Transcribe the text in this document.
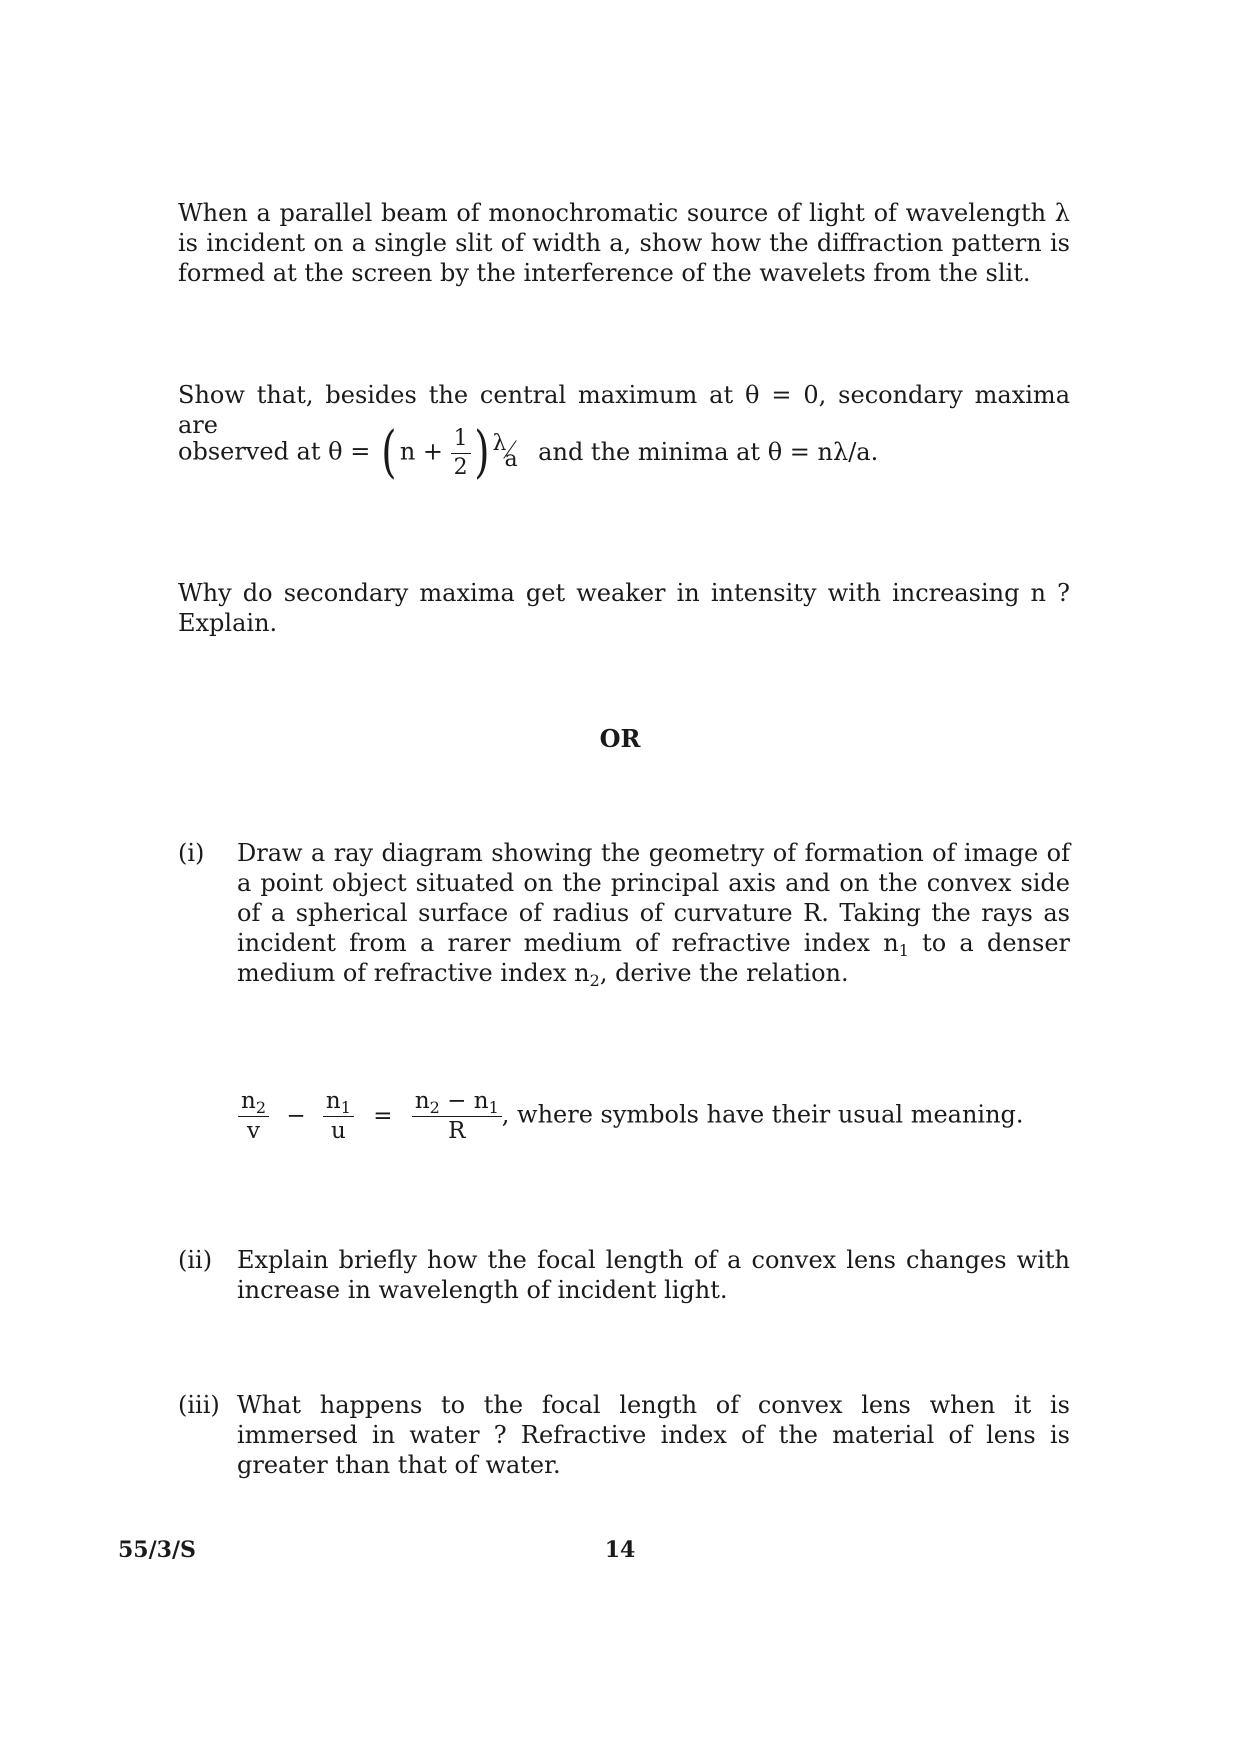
When a parallel beam of monochromatic source of light of wavelength λ is incident on a single slit of width a, show how the diffraction pattern is formed at the screen by the interference of the wavelets from the slit.
Show that, besides the central maximum at θ = 0, secondary maxima are
observed at θ = ( $n + \frac{1}{2}$ ) λ
a and the minima at θ = nλ/a.
Why do secondary maxima get weaker in intensity with increasing n ? Explain.
OR
(i) Draw a ray diagram showing the geometry of formation of image of a point object situated on the principal axis and on the convex side of a spherical surface of radius of curvature R. Taking the rays as incident from a rarer medium of refractive index $n_1$ to a denser medium of refractive index $n_2$, derive the relation.
$\frac{n_2}{v} - \frac{n_1}{u} = \frac{n_2 - n_1}{R}$ , where symbols have their usual meaning.
(ii) Explain briefly how the focal length of a convex lens changes with increase in wavelength of incident light.
(iii) What happens to the focal length of convex lens when it is immersed in water ? Refractive index of the material of lens is greater than that of water.
55/3/S	14
